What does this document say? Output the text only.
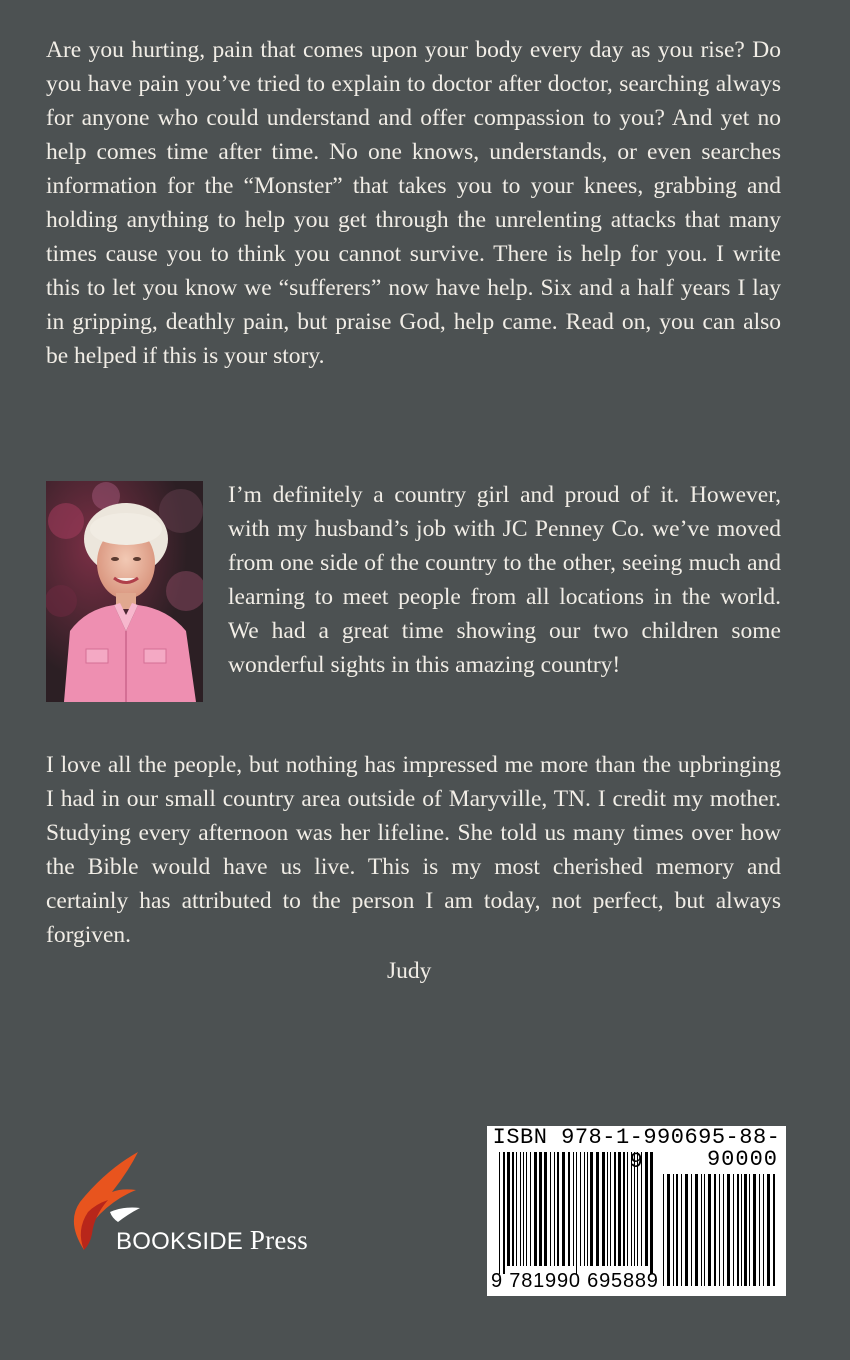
Are you hurting, pain that comes upon your body every day as you rise? Do you have pain you’ve tried to explain to doctor after doctor, searching always for anyone who could understand and offer compassion to you? And yet no help comes time after time. No one knows, understands, or even searches information for the “Monster” that takes you to your knees, grabbing and holding anything to help you get through the unrelenting attacks that many times cause you to think you cannot survive. There is help for you. I write this to let you know we “sufferers” now have help. Six and a half years I lay in gripping, deathly pain, but praise God, help came. Read on, you can also be helped if this is your story.

I’m definitely a country girl and proud of it. However, with my husband’s job with JC Penney Co. we’ve moved from one side of the country to the other, seeing much and learning to meet people from all locations in the world. We had a great time showing our two children some wonderful sights in this amazing country!

I love all the people, but nothing has impressed me more than the upbringing I had in our small country area outside of Maryville, TN. I credit my mother. Studying every afternoon was her lifeline. She told us many times over how the Bible would have us live. This is my most cherished memory and certainly has attributed to the person I am today, not perfect, but always forgiven.

Judy

BOOKSIDE Press
ISBN 978-1-990695-88-9	90000
9 781990 695889
